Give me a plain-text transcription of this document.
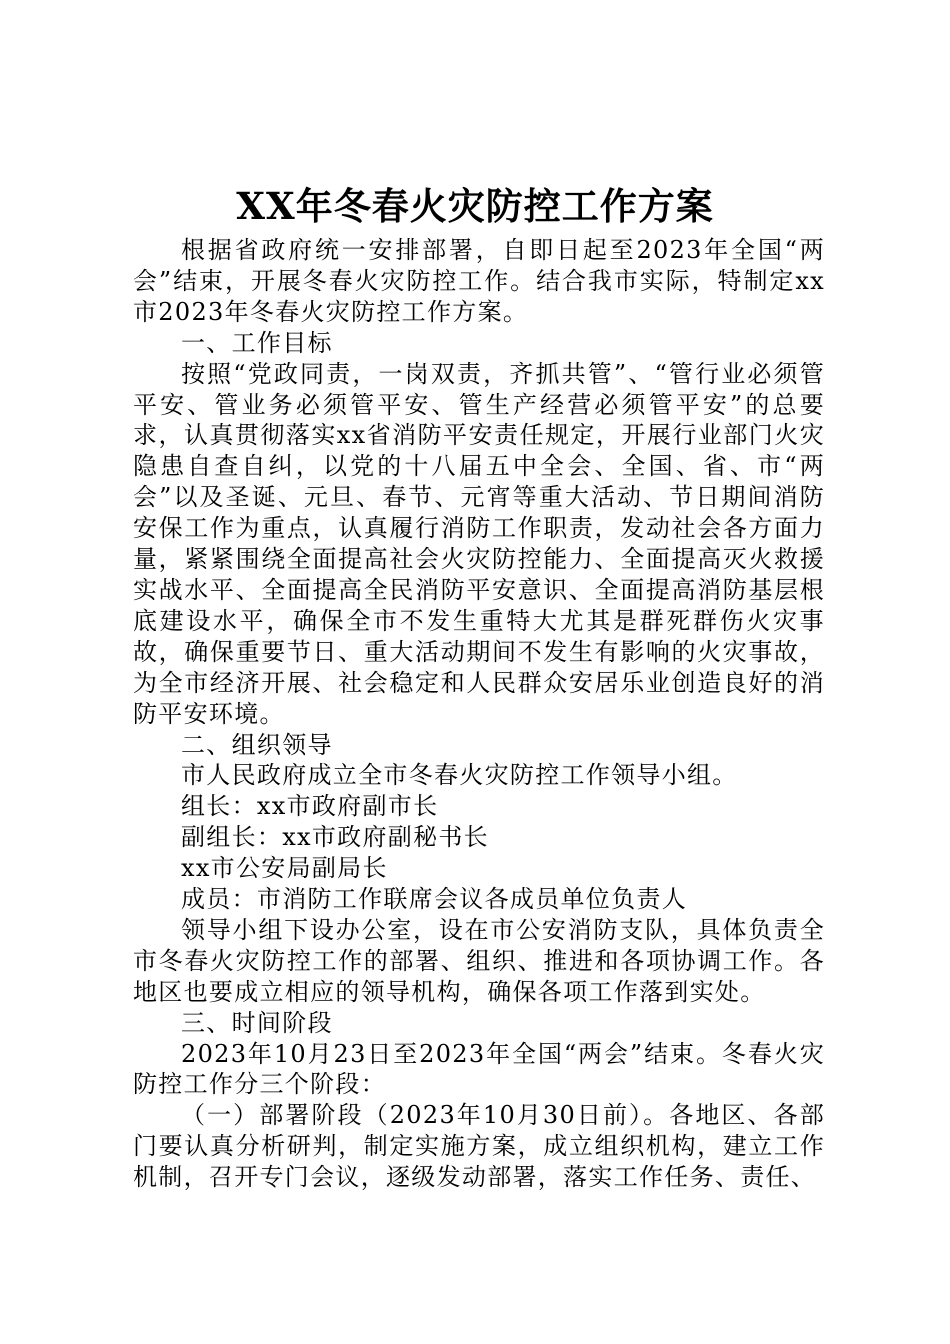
XX年冬春火灾防控工作方案

根据省政府统一安排部署，自即日起至2023年全国“两会”结束，开展冬春火灾防控工作。结合我市实际，特制定xx市2023年冬春火灾防控工作方案。

一、工作目标

按照“党政同责，一岗双责，齐抓共管”、“管行业必须管平安、管业务必须管平安、管生产经营必须管平安”的总要求，认真贯彻落实xx省消防平安责任规定，开展行业部门火灾隐患自查自纠，以党的十八届五中全会、全国、省、市“两会”以及圣诞、元旦、春节、元宵等重大活动、节日期间消防安保工作为重点，认真履行消防工作职责，发动社会各方面力量，紧紧围绕全面提高社会火灾防控能力、全面提高灭火救援实战水平、全面提高全民消防平安意识、全面提高消防基层根底建设水平，确保全市不发生重特大尤其是群死群伤火灾事故，确保重要节日、重大活动期间不发生有影响的火灾事故，为全市经济开展、社会稳定和人民群众安居乐业创造良好的消防平安环境。

二、组织领导

市人民政府成立全市冬春火灾防控工作领导小组。

组长：xx市政府副市长

副组长：xx市政府副秘书长

xx市公安局副局长

成员：市消防工作联席会议各成员单位负责人

领导小组下设办公室，设在市公安消防支队，具体负责全市冬春火灾防控工作的部署、组织、推进和各项协调工作。各地区也要成立相应的领导机构，确保各项工作落到实处。

三、时间阶段

2023年10月23日至2023年全国“两会”结束。冬春火灾防控工作分三个阶段：

（一）部署阶段（2023年10月30日前）。各地区、各部门要认真分析研判，制定实施方案，成立组织机构，建立工作机制，召开专门会议，逐级发动部署，落实工作任务、责任、
